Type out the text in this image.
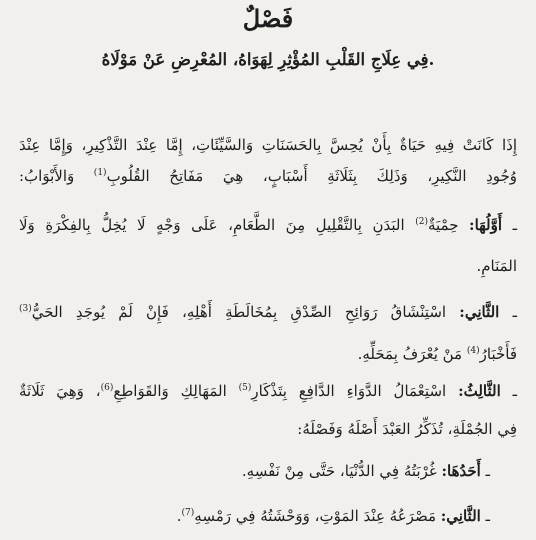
فَصْلٌ
فِي عِلَاجِ القَلْبِ المُؤْثِرِ لِهَوَاهُ، المُعْرِضِ عَنْ مَوْلَاهُ.
إِذَا كَانَتْ فِيهِ حَيَاةٌ بِأَنْ يُحِسَّ بِالحَسَنَاتِ وَالسَّيِّئَاتِ، إِمَّا عِنْدَ التَّذْكِيرِ، وَإِمَّا عِنْدَ
وُجُودِ النَّكِيرِ، وَذَلِكَ بِثَلَاثَةِ أَسْبَابٍ، هِيَ مَفَاتِحُ القُلُوبِ$^{(1)}$ وَالأَبْوَابُ:
ـ أَوَّلُهَا: حِمْيَةٌ$^{(2)}$ البَدَنِ بِالتَّقْلِيلِ مِنَ الطَّعَامِ، عَلَى وَجْهٍ لَا يُخِلُّ بِالفِكْرَةِ وَلَا
المَنَامِ.
ـ الثَّانِي: اسْتِنْشَاقُ رَوَائِحِ الصِّدْقِ بِمُخَالَطَةِ أَهْلِهِ، فَإِنْ لَمْ يُوجَدِ الحَيُّ$^{(3)}$
فَأَخْبَارُ$^{(4)}$ مَنْ يُعْرَفُ بِمَحَلِّهِ.
ـ الثَّالِثُ: اسْتِعْمَالُ الدَّوَاءِ الدَّافِعِ بِتَذْكَارِ$^{(5)}$ المَهَالِكِ وَالقَوَاطِعِ$^{(6)}$، وَهِيَ ثَلَاثَةٌ
فِي الجُمْلَةِ، تُذَكِّرُ العَبْدَ أَصْلَهُ وَفَصْلَهُ:
ـ أَحَدُهَا: غُرْبَتُهُ فِي الدُّنْيَا، حَتَّى مِنْ نَفْسِهِ.
ـ الثَّانِي: مَصْرَعُهُ عِنْدَ المَوْتِ، وَوَحْشَتُهُ فِي رَمْسِهِ$^{(7)}$.
